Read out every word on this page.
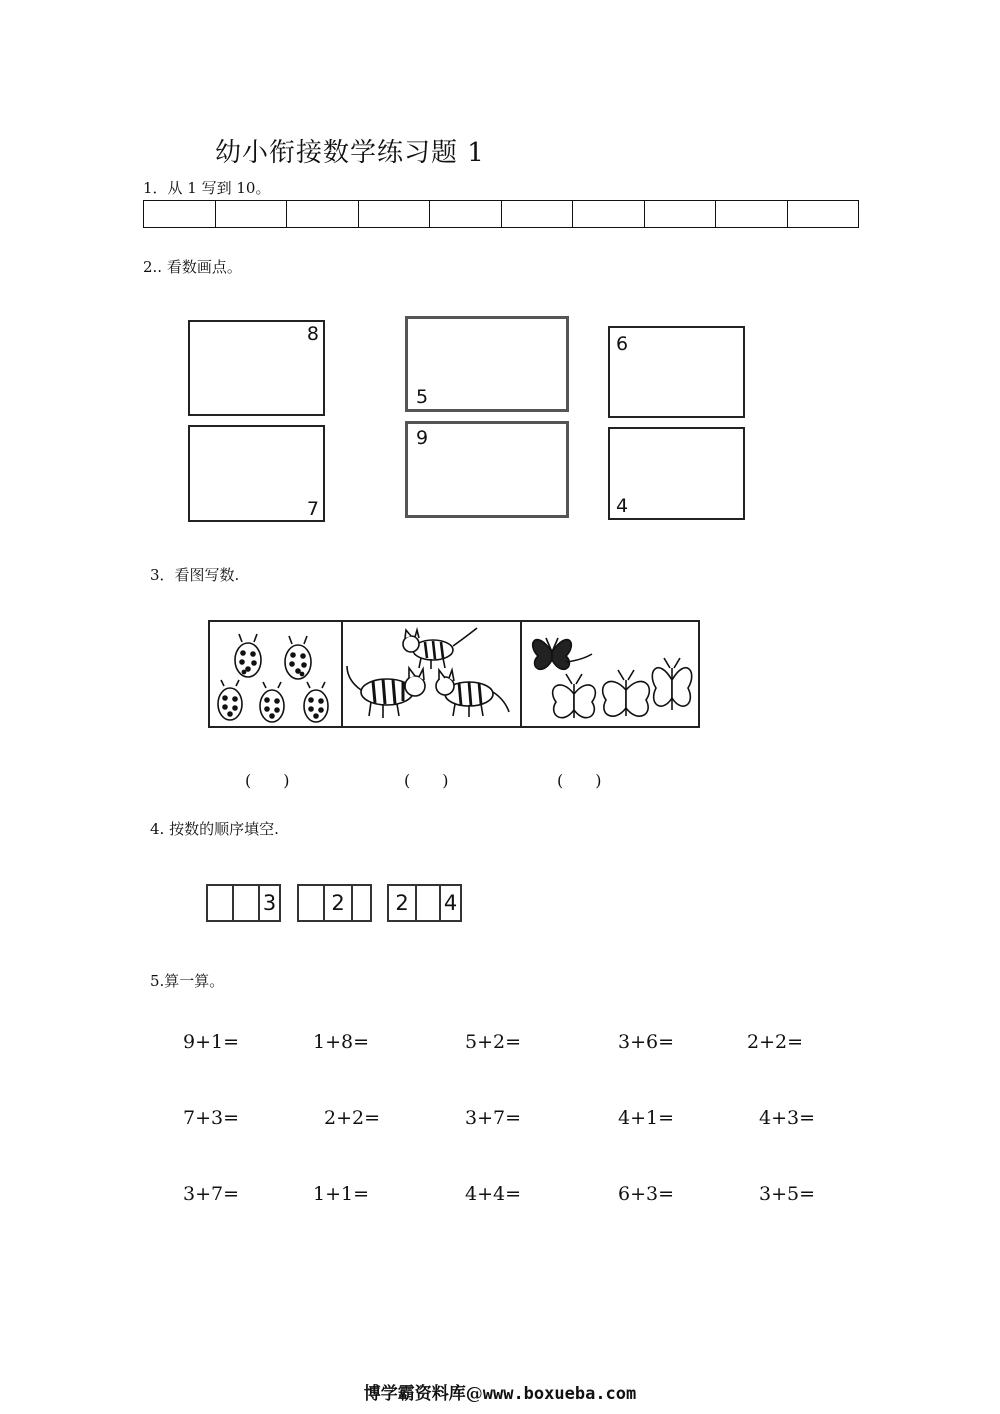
幼小衔接数学练习题 1
1．从 1 写到 10。
2.. 看数画点。
8
5
6
7
9
4
3．看图写数.
(　　)	(　　)	(　　)
4. 按数的顺序填空.
3	2	2	4
5.算一算。
9+1=	1+8=	5+2=	3+6=	2+2=
7+3=	2+2=	3+7=	4+1=	4+3=
3+7=	1+1=	4+4=	6+3=	3+5=
博学霸资料库@www.boxueba.com
